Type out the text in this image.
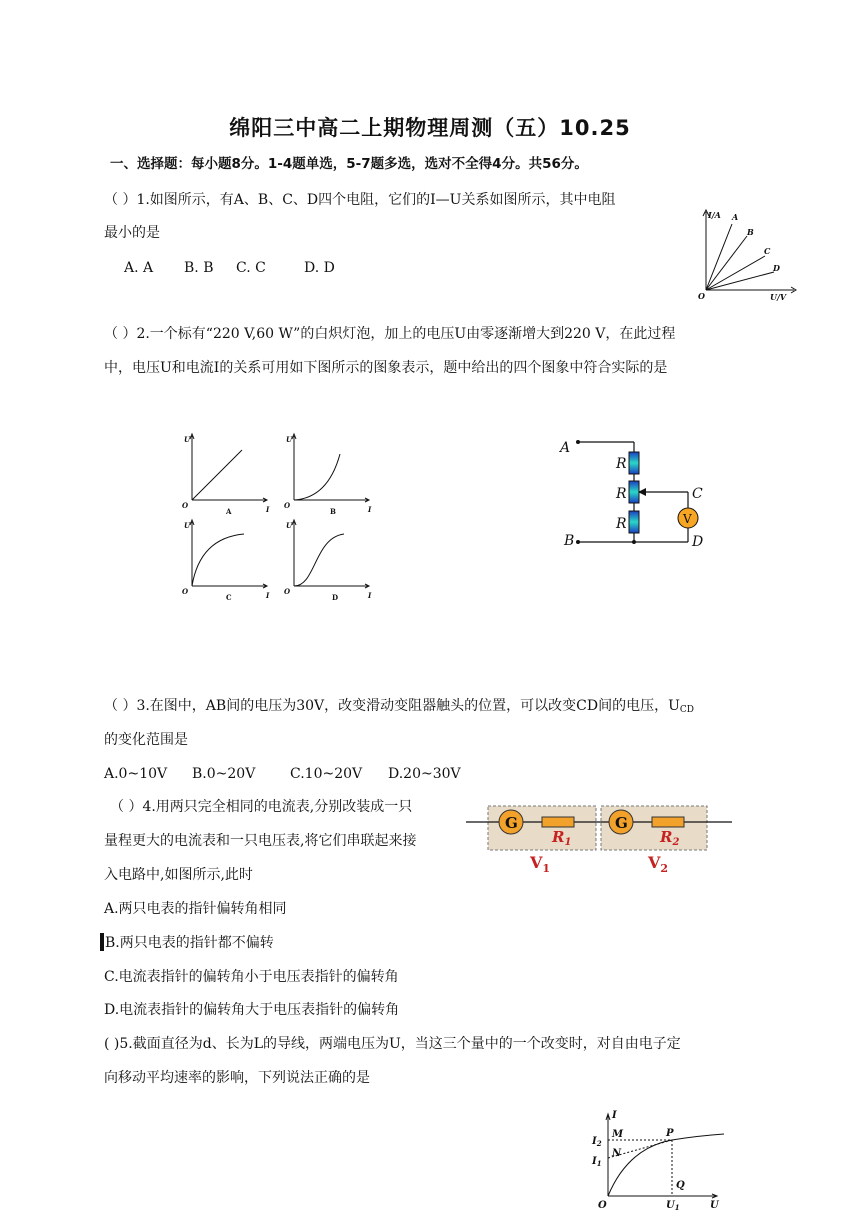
绵阳三中高二上期物理周测（五）10.25
一、选择题：每小题8分。1-4题单选，5-7题多选，选对不全得4分。共56分。
（ ）1.如图所示，有A、B、C、D四个电阻，它们的I—U关系如图所示，其中电阻
最小的是
A. A B. B C. C	D. D
I/A
U/V
O
A
B
C
D
（ ）2.一个标有“220 V,60 W”的白炽灯泡，加上的电压U由零逐渐增大到220 V，在此过程
中，电压U和电流I的关系可用如下图所示的图象表示，题中给出的四个图象中符合实际的是
U
O	I
A
U
O	I
B
U
O	I
C
U
O	I
D
A
B
C
D
R
R
R	V
（ ）3.在图中，AB间的电压为30V，改变滑动变阻器触头的位置，可以改变CD间的电压，$U_{CD}$
的变化范围是
A.0~10V B.0~20V C.10~20V D.20~30V
（ ）4.用两只完全相同的电流表,分别改装成一只
量程更大的电流表和一只电压表,将它们串联起来接
入电路中,如图所示,此时
A.两只电表的指针偏转角相同
B.两只电表的指针都不偏转
C.电流表指针的偏转角小于电压表指针的偏转角
D.电流表指针的偏转角大于电压表指针的偏转角
G	G
$R_1$	$R_2$
$V_1$	$V_2$
( )5.截面直径为d、长为L的导线，两端电压为U，当这三个量中的一个改变时，对自由电子定
向移动平均速率的影响，下列说法正确的是
I
U
O
M
N
P
Q
$I_2$
$I_1$
$U_1$
